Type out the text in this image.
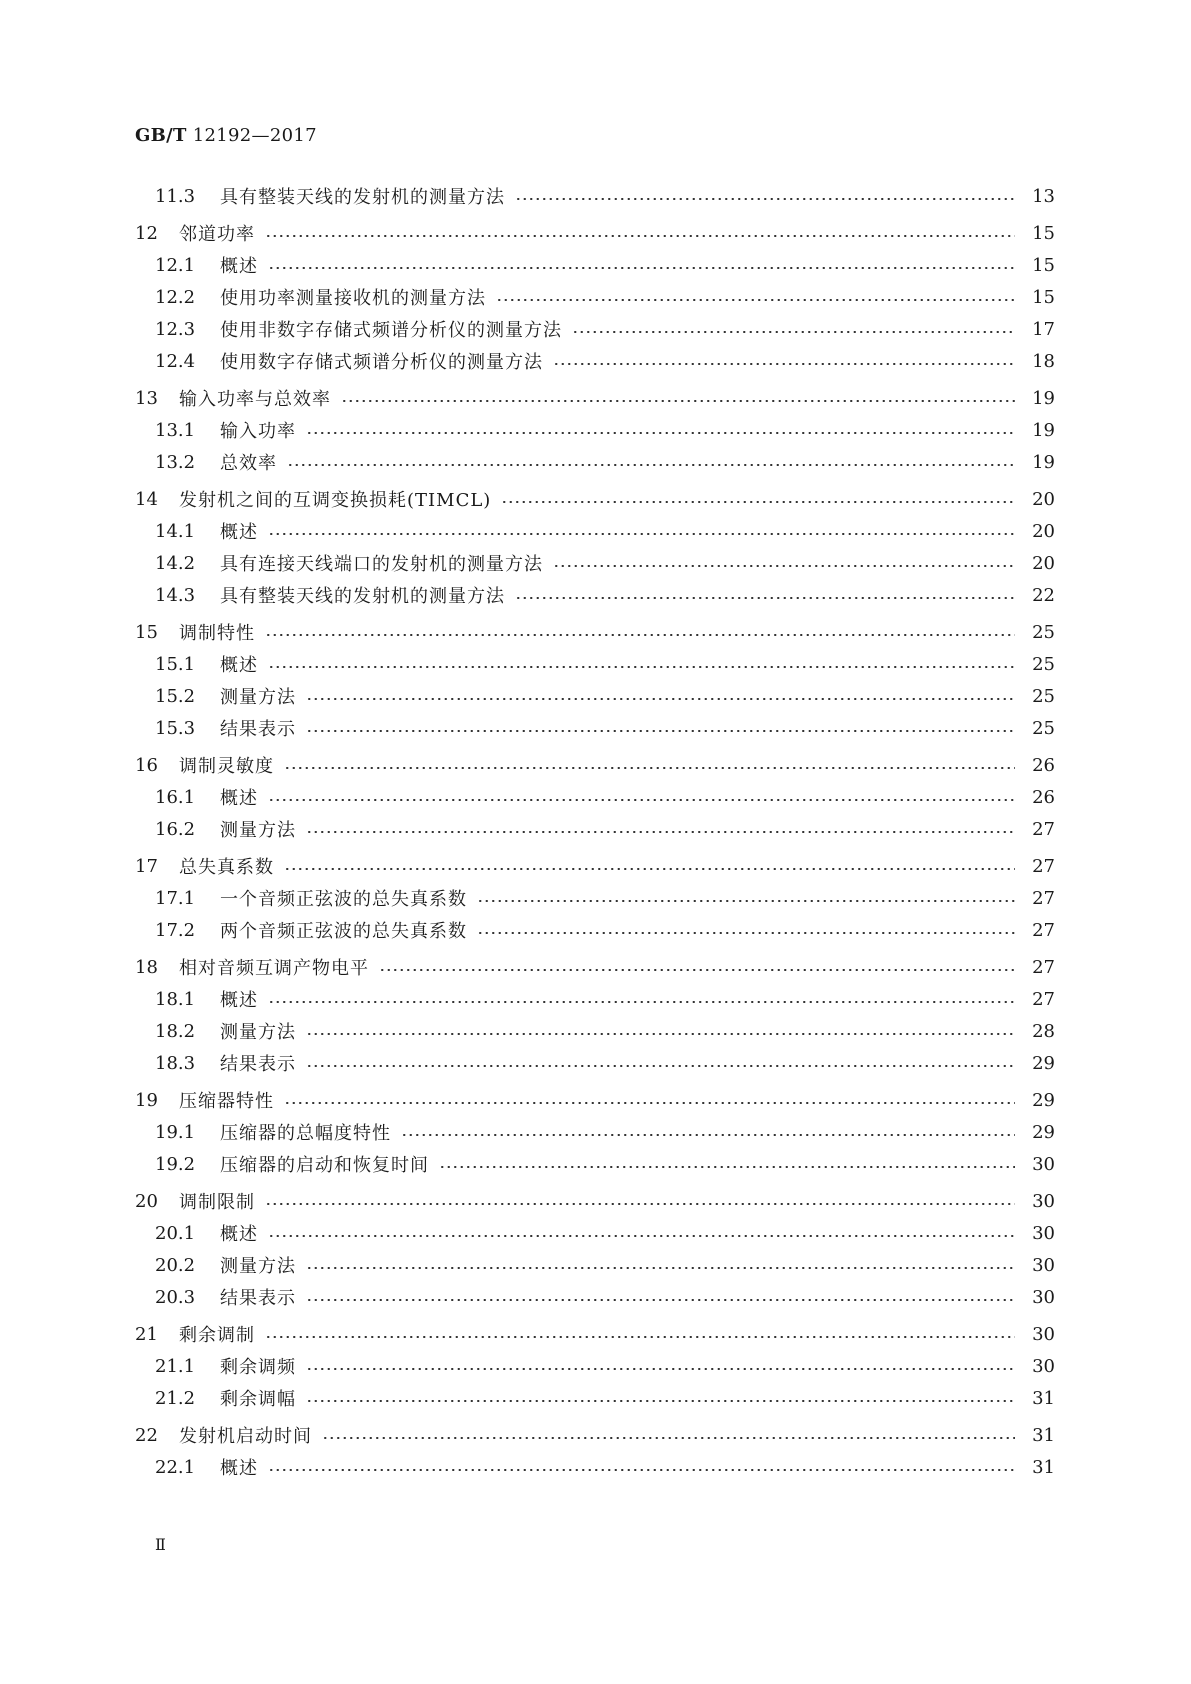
GB/T 12192—2017
11.3	具有整装天线的发射机的测量方法	13
12	邻道功率	15
12.1	概述	15
12.2	使用功率测量接收机的测量方法	15
12.3	使用非数字存储式频谱分析仪的测量方法	17
12.4	使用数字存储式频谱分析仪的测量方法	18
13	输入功率与总效率	19
13.1	输入功率	19
13.2	总效率	19
14	发射机之间的互调变换损耗(TIMCL)	20
14.1	概述	20
14.2	具有连接天线端口的发射机的测量方法	20
14.3	具有整装天线的发射机的测量方法	22
15	调制特性	25
15.1	概述	25
15.2	测量方法	25
15.3	结果表示	25
16	调制灵敏度	26
16.1	概述	26
16.2	测量方法	27
17	总失真系数	27
17.1	一个音频正弦波的总失真系数	27
17.2	两个音频正弦波的总失真系数	27
18	相对音频互调产物电平	27
18.1	概述	27
18.2	测量方法	28
18.3	结果表示	29
19	压缩器特性	29
19.1	压缩器的总幅度特性	29
19.2	压缩器的启动和恢复时间	30
20	调制限制	30
20.1	概述	30
20.2	测量方法	30
20.3	结果表示	30
21	剩余调制	30
21.1	剩余调频	30
21.2	剩余调幅	31
22	发射机启动时间	31
22.1	概述	31
Ⅱ
